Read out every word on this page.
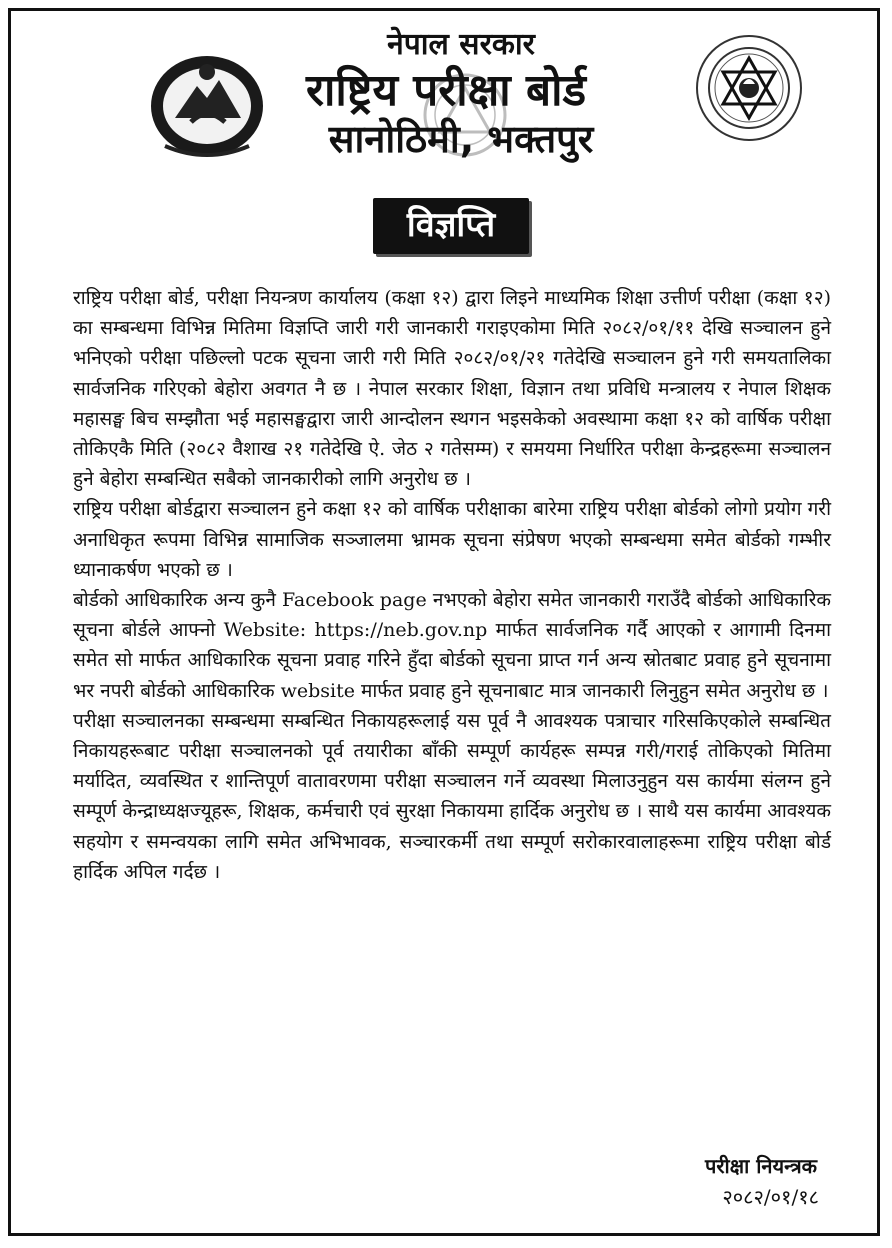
नेपाल सरकार
राष्ट्रिय परीक्षा बोर्ड
सानोठिमी, भक्तपुर
विज्ञप्ति

राष्ट्रिय परीक्षा बोर्ड, परीक्षा नियन्त्रण कार्यालय (कक्षा १२) द्वारा लिइने माध्यमिक शिक्षा उत्तीर्ण परीक्षा (कक्षा १२) का सम्बन्धमा विभिन्न मितिमा विज्ञप्ति जारी गरी जानकारी गराइएकोमा मिति २०८२/०१/११ देखि सञ्चालन हुने भनिएको परीक्षा पछिल्लो पटक सूचना जारी गरी मिति २०८२/०१/२१ गतेदेखि सञ्चालन हुने गरी समयतालिका सार्वजनिक गरिएको बेहोरा अवगत नै छ । नेपाल सरकार शिक्षा, विज्ञान तथा प्रविधि मन्त्रालय र नेपाल शिक्षक महासङ्घ बिच सम्झौता भई महासङ्घद्वारा जारी आन्दोलन स्थगन भइसकेको अवस्थामा कक्षा १२ को वार्षिक परीक्षा तोकिएकै मिति (२०८२ वैशाख २१ गतेदेखि ऐ. जेठ २ गतेसम्म) र समयमा निर्धारित परीक्षा केन्द्रहरूमा सञ्चालन हुने बेहोरा सम्बन्धित सबैको जानकारीको लागि अनुरोध छ ।

राष्ट्रिय परीक्षा बोर्डद्वारा सञ्चालन हुने कक्षा १२ को वार्षिक परीक्षाका बारेमा राष्ट्रिय परीक्षा बोर्डको लोगो प्रयोग गरी अनाधिकृत रूपमा विभिन्न सामाजिक सञ्जालमा भ्रामक सूचना संप्रेषण भएको सम्बन्धमा समेत बोर्डको गम्भीर ध्यानाकर्षण भएको छ ।

बोर्डको आधिकारिक अन्य कुनै Facebook page नभएको बेहोरा समेत जानकारी गराउँदै बोर्डको आधिकारिक सूचना बोर्डले आफ्नो Website: https://neb.gov.np मार्फत सार्वजनिक गर्दै आएको र आगामी दिनमा समेत सो मार्फत आधिकारिक सूचना प्रवाह गरिने हुँदा बोर्डको सूचना प्राप्त गर्न अन्य स्रोतबाट प्रवाह हुने सूचनामा भर नपरी बोर्डको आधिकारिक website मार्फत प्रवाह हुने सूचनाबाट मात्र जानकारी लिनुहुन समेत अनुरोध छ ।

परीक्षा सञ्चालनका सम्बन्धमा सम्बन्धित निकायहरूलाई यस पूर्व नै आवश्यक पत्राचार गरिसकिएकोले सम्बन्धित निकायहरूबाट परीक्षा सञ्चालनको पूर्व तयारीका बाँकी सम्पूर्ण कार्यहरू सम्पन्न गरी/गराई तोकिएको मितिमा मर्यादित, व्यवस्थित र शान्तिपूर्ण वातावरणमा परीक्षा सञ्चालन गर्ने व्यवस्था मिलाउनुहुन यस कार्यमा संलग्न हुने सम्पूर्ण केन्द्राध्यक्षज्यूहरू, शिक्षक, कर्मचारी एवं सुरक्षा निकायमा हार्दिक अनुरोध छ । साथै यस कार्यमा आवश्यक सहयोग र समन्वयका लागि समेत अभिभावक, सञ्चारकर्मी तथा सम्पूर्ण सरोकारवालाहरूमा राष्ट्रिय परीक्षा बोर्ड हार्दिक अपिल गर्दछ ।

परीक्षा नियन्त्रक
२०८२/०१/१८
